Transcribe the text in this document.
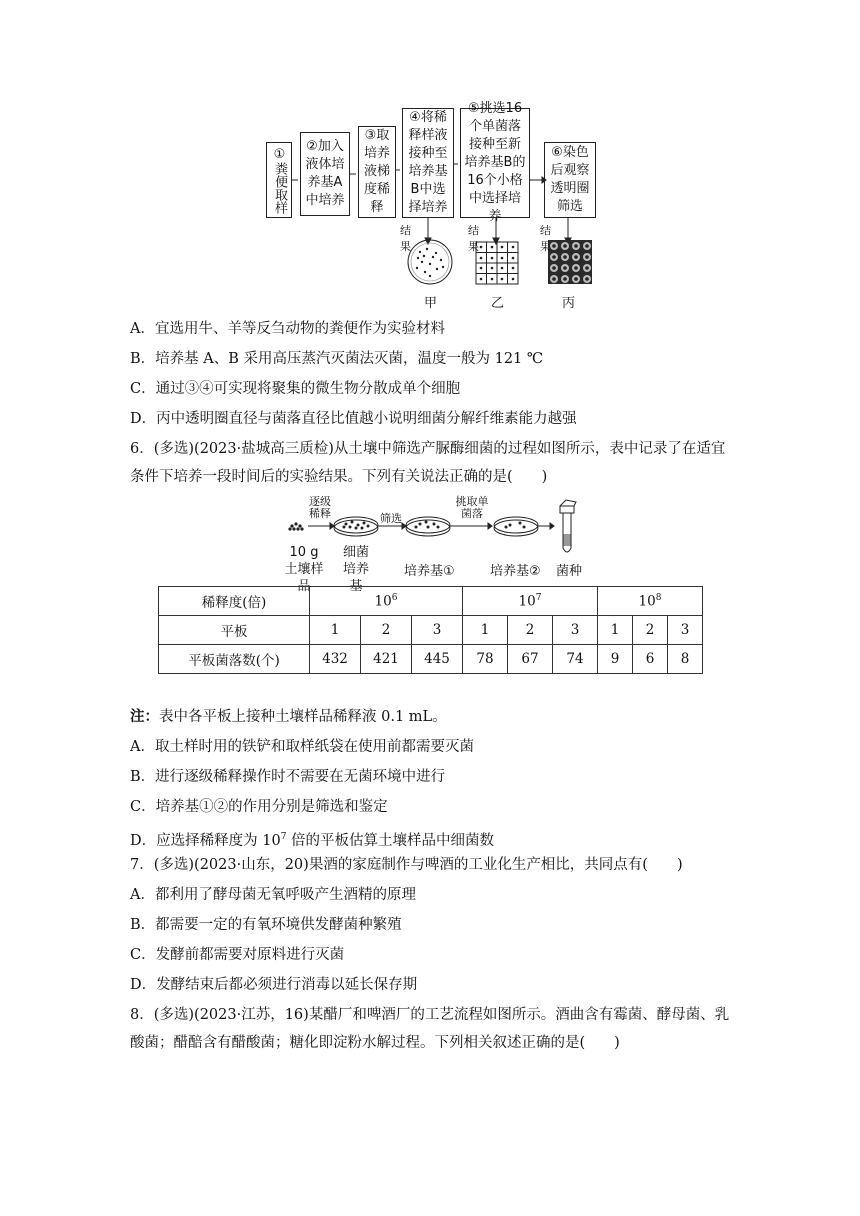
①粪便取样 ②加入液体培养基A中培养
③取培养液梯度稀释
④将稀释样液接种至培养基B中选择培养
⑤挑选16个单菌落接种至新培养基B的16个小格中选择培养
⑥染色后观察透明圈筛选
结果
结果
结果
甲	乙	丙
A．宜选用牛、羊等反刍动物的粪便作为实验材料
B．培养基 A、B 采用高压蒸汽灭菌法灭菌，温度一般为 121 ℃
C．通过③④可实现将聚集的微生物分散成单个细胞
D．丙中透明圈直径与菌落直径比值越小说明细菌分解纤维素能力越强
6．(多选)(2023·盐城高三质检)从土壤中筛选产脲酶细菌的过程如图所示，表中记录了在适宜
条件下培养一段时间后的实验结果。下列有关说法正确的是(　　)
逐级稀释	筛选
挑取单菌落
10 g土壤样品
细菌培养基
培养基①	培养基② 菌种
稀释度(倍)	$10^6$			$10^7$			$10^8$
平板	1	2	3	1	2	3	1	2	3
平板菌落数(个)	432	421	445	78	67	74	9	6	8
注：表中各平板上接种土壤样品稀释液 0.1 mL。
A．取土样时用的铁铲和取样纸袋在使用前都需要灭菌
B．进行逐级稀释操作时不需要在无菌环境中进行
C．培养基①②的作用分别是筛选和鉴定
D．应选择稀释度为 $10^7$ 倍的平板估算土壤样品中细菌数
7．(多选)(2023·山东，20)果酒的家庭制作与啤酒的工业化生产相比，共同点有(　　)
A．都利用了酵母菌无氧呼吸产生酒精的原理
B．都需要一定的有氧环境供发酵菌种繁殖
C．发酵前都需要对原料进行灭菌
D．发酵结束后都必须进行消毒以延长保存期
8．(多选)(2023·江苏，16)某醋厂和啤酒厂的工艺流程如图所示。酒曲含有霉菌、酵母菌、乳
酸菌；醋醅含有醋酸菌；糖化即淀粉水解过程。下列相关叙述正确的是(　　)
